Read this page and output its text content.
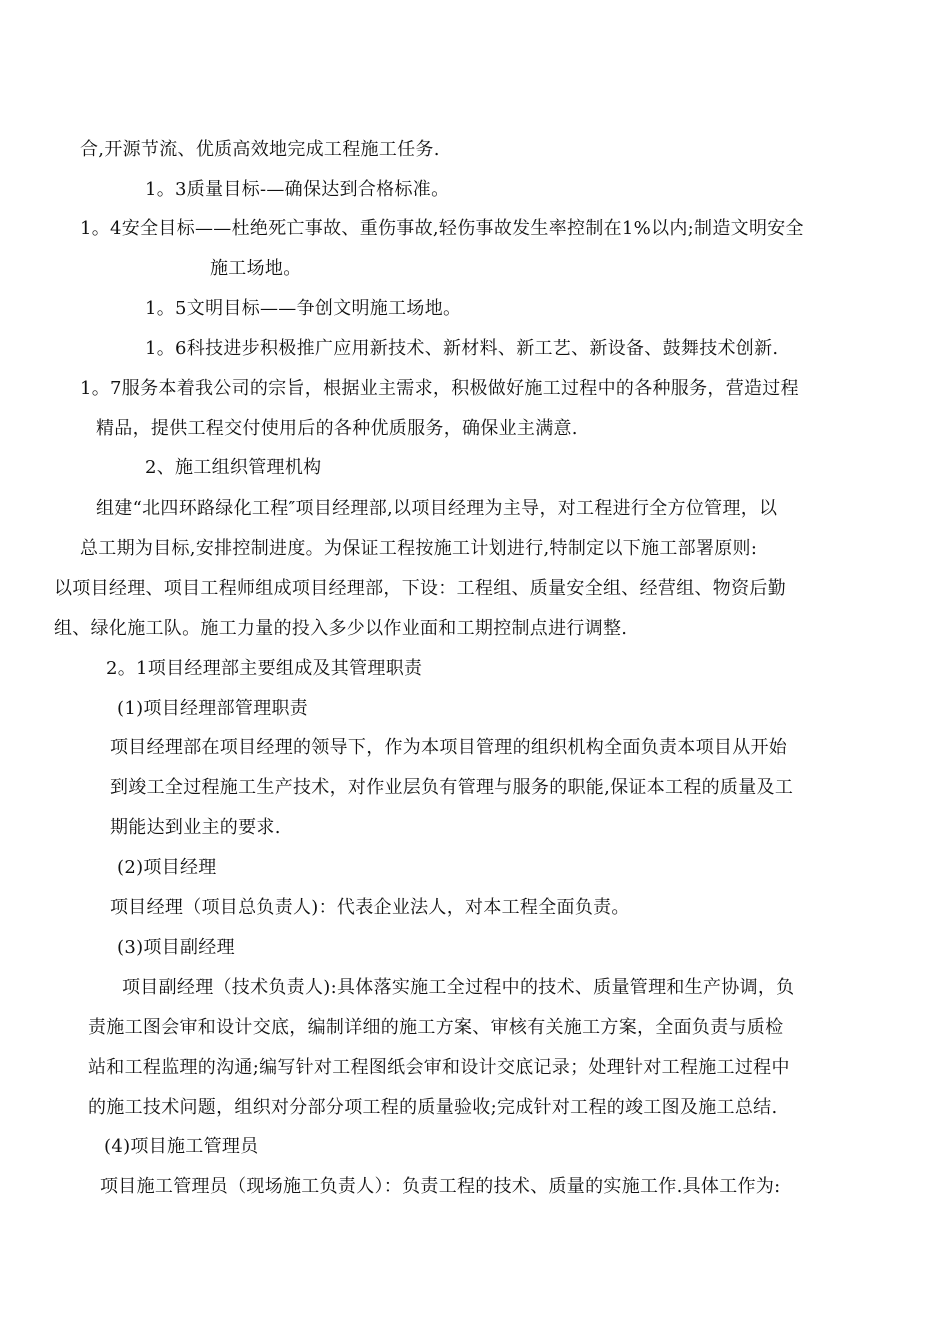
合,开源节流、优质高效地完成工程施工任务.
1。3质量目标-—确保达到合格标准。
1。4安全目标——杜绝死亡事故、重伤事故,轻伤事故发生率控制在1%以内;制造文明安全
施工场地。
1。5文明目标——争创文明施工场地。
1。6科技进步积极推广应用新技术、新材料、新工艺、新设备、鼓舞技术创新.
1。7服务本着我公司的宗旨，根据业主需求，积极做好施工过程中的各种服务，营造过程
精品，提供工程交付使用后的各种优质服务，确保业主满意.
2、施工组织管理机构
组建“北四环路绿化工程″项目经理部,以项目经理为主导，对工程进行全方位管理，以
总工期为目标,安排控制进度。为保证工程按施工计划进行,特制定以下施工部署原则:
以项目经理、项目工程师组成项目经理部，下设：工程组、质量安全组、经营组、物资后勤
组、绿化施工队。施工力量的投入多少以作业面和工期控制点进行调整.
2。1项目经理部主要组成及其管理职责
(1)项目经理部管理职责
项目经理部在项目经理的领导下，作为本项目管理的组织机构全面负责本项目从开始
到竣工全过程施工生产技术，对作业层负有管理与服务的职能,保证本工程的质量及工
期能达到业主的要求.
(2)项目经理
项目经理（项目总负责人)：代表企业法人，对本工程全面负责。
(3)项目副经理
项目副经理（技术负责人):具体落实施工全过程中的技术、质量管理和生产协调，负
责施工图会审和设计交底，编制详细的施工方案、审核有关施工方案，全面负责与质检
站和工程监理的沟通;编写针对工程图纸会审和设计交底记录；处理针对工程施工过程中
的施工技术问题，组织对分部分项工程的质量验收;完成针对工程的竣工图及施工总结.
(4)项目施工管理员
项目施工管理员（现场施工负责人）：负责工程的技术、质量的实施工作.具体工作为:
